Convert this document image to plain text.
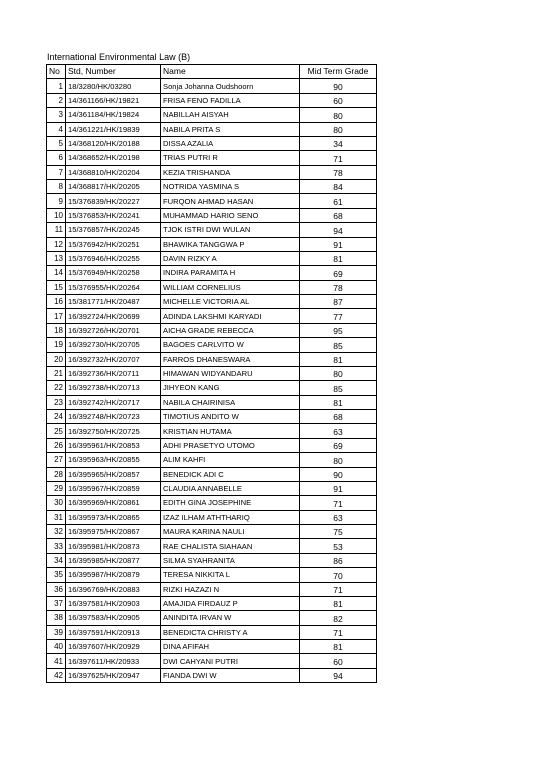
International Environmental Law (B)
No	Std, Number	Name	Mid Term Grade
1	18/3280/HK/03280	Sonja Johanna Oudshoorn	90
2	14/361166/HK/19821	FRISA FENO FADILLA	60
3	14/361184/HK/19824	NABILLAH AISYAH	80
4	14/361221/HK/19839	NABILA PRITA S	80
5	14/368120/HK/20188	DISSA AZALIA	34
6	14/368652/HK/20198	TRIAS PUTRI R	71
7	14/368810/HK/20204	KEZIA TRISHANDA	78
8	14/368817/HK/20205	NOTRIDA YASMINA S	84
9	15/376839/HK/20227	FURQON AHMAD HASAN	61
10	15/376853/HK/20241	MUHAMMAD HARIO SENO	68
11	15/376857/HK/20245	TJOK ISTRI DWI WULAN	94
12	15/376942/HK/20251	BHAWIKA TANGGWA P	91
13	15/376946/HK/20255	DAVIN RIZKY A	81
14	15/376949/HK/20258	INDIRA PARAMITA H	69
15	15/376955/HK/20264	WILLIAM CORNELIUS	78
16	15/381771/HK/20487	MICHELLE VICTORIA AL	87
17	16/392724/HK/20699	ADINDA LAKSHMI KARYADI	77
18	16/392726/HK/20701	AICHA GRADE REBECCA	95
19	16/392730/HK/20705	BAGOES CARLVITO W	85
20	16/392732/HK/20707	FARROS DHANESWARA	81
21	16/392736/HK/20711	HIMAWAN WIDYANDARU	80
22	16/392738/HK/20713	JIHYEON KANG	85
23	16/392742/HK/20717	NABILA CHAIRINISA	81
24	16/392748/HK/20723	TIMOTIUS ANDITO W	68
25	16/392750/HK/20725	KRISTIAN HUTAMA	63
26	16/395961/HK/20853	ADHI PRASETYO UTOMO	69
27	16/395963/HK/20855	ALIM KAHFI	80
28	16/395965/HK/20857	BENEDICK ADI C	90
29	16/395967/HK/20859	CLAUDIA ANNABELLE	91
30	16/395969/HK/20861	EDITH GINA JOSEPHINE	71
31	16/395973/HK/20865	IZAZ ILHAM ATHTHARIQ	63
32	16/395975/HK/20867	MAURA KARINA NAULI	75
33	16/395981/HK/20873	RAE CHALISTA SIAHAAN	53
34	16/395985/HK/20877	SILMA SYAHRANITA	86
35	16/395987/HK/20879	TERESA NIKKITA L	70
36	16/396769/HK/20883	RIZKI HAZAZI N	71
37	16/397581/HK/20903	AMAJIDA FIRDAUZ P	81
38	16/397583/HK/20905	ANINDITA IRVAN W	82
39	16/397591/HK/20913	BENEDICTA CHRISTY A	71
40	16/397607/HK/20929	DINA AFIFAH	81
41	16/397611/HK/20933	DWI CAHYANI PUTRI	60
42	16/397625/HK/20947	FIANDA DWI W	94
